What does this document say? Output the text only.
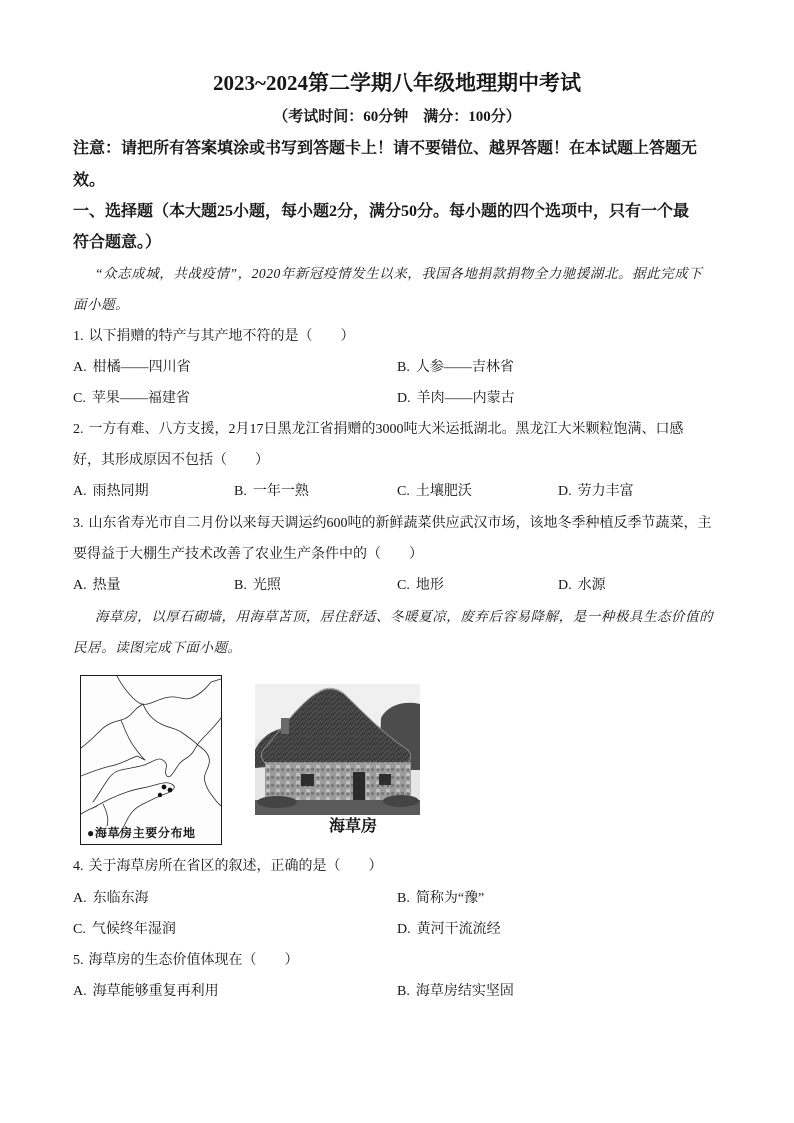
2023~2024第二学期八年级地理期中考试
（考试时间：60分钟　满分：100分）
注意：请把所有答案填涂或书写到答题卡上！请不要错位、越界答题！在本试题上答题无
效。
一、选择题（本大题25小题，每小题2分，满分50分。每小题的四个选项中，只有一个最
符合题意。）
“众志成城，共战疫情”，2020年新冠疫情发生以来，我国各地捐款捐物全力驰援湖北。据此完成下
面小题。
1. 以下捐赠的特产与其产地不符的是（　　）
A. 柑橘——四川省	B. 人参——吉林省
C. 苹果——福建省	D. 羊肉——内蒙古
2. 一方有难、八方支援，2月17日黑龙江省捐赠的3000吨大米运抵湖北。黑龙江大米颗粒饱满、口感
好，其形成原因不包括（　　）
A. 雨热同期	B. 一年一熟	C. 土壤肥沃	D. 劳力丰富
3. 山东省寿光市自二月份以来每天调运约600吨的新鲜蔬菜供应武汉市场，该地冬季种植反季节蔬菜，主
要得益于大棚生产技术改善了农业生产条件中的（　　）
A. 热量	B. 光照	C. 地形	D. 水源
海草房，以厚石砌墙，用海草苫顶，居住舒适、冬暖夏凉，废弃后容易降解，是一种极具生态价值的
民居。读图完成下面小题。
●海草房主要分布地	海草房
4. 关于海草房所在省区的叙述，正确的是（　　）
A. 东临东海	B. 简称为“豫”
C. 气候终年湿润	D. 黄河干流流经
5. 海草房的生态价值体现在（　　）
A. 海草能够重复再利用	B. 海草房结实坚固
